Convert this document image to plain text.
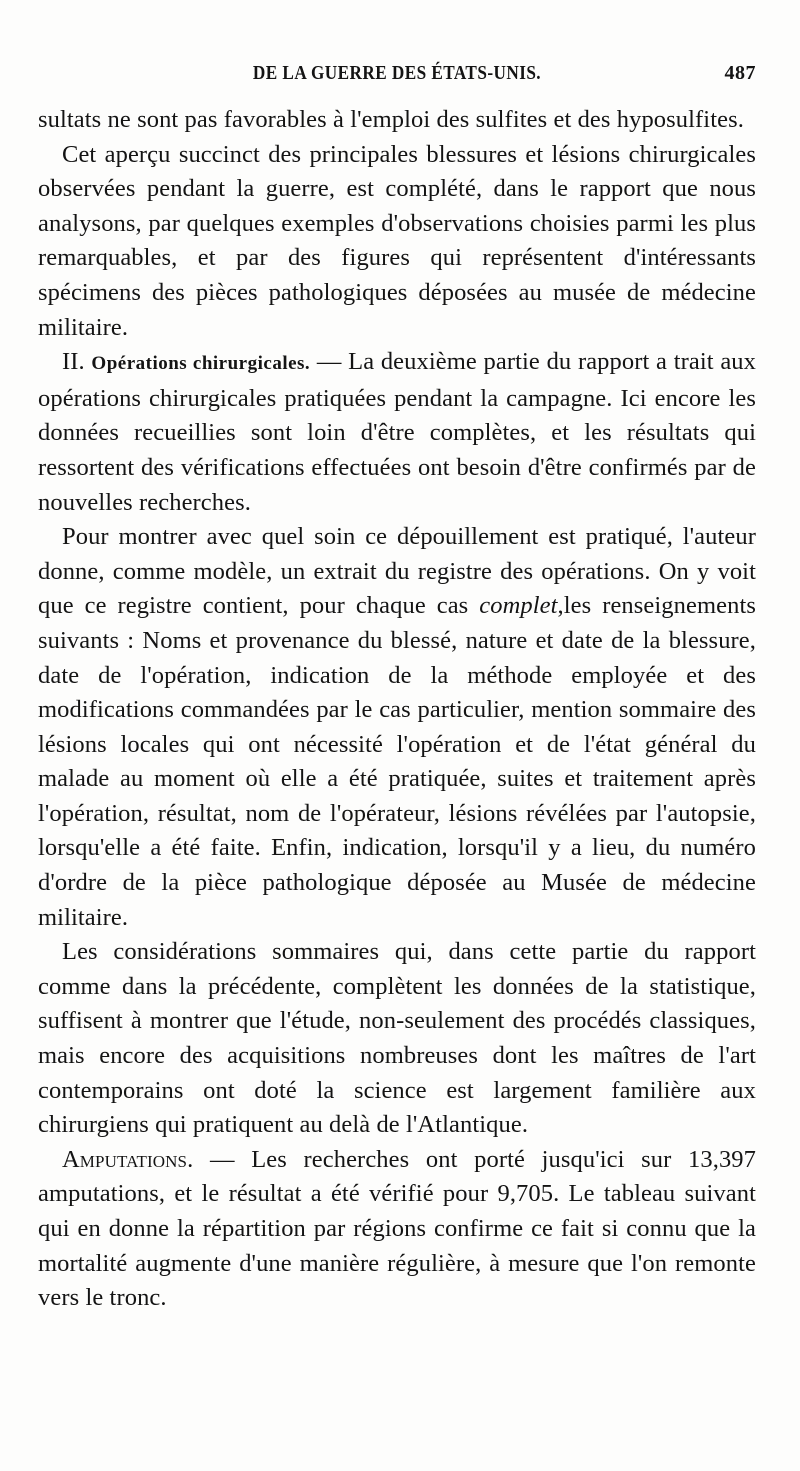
DE LA GUERRE DES ÉTATS-UNIS.	487

sultats ne sont pas favorables à l'emploi des sulfites et des hyposulfites.

Cet aperçu succinct des principales blessures et lésions chirurgicales observées pendant la guerre, est complété, dans le rapport que nous analysons, par quelques exemples d'observations choisies parmi les plus remarquables, et par des figures qui représentent d'intéressants spécimens des pièces pathologiques déposées au musée de médecine militaire.

II. Opérations chirurgicales. — La deuxième partie du rapport a trait aux opérations chirurgicales pratiquées pendant la campagne. Ici encore les données recueillies sont loin d'être complètes, et les résultats qui ressortent des vérifications effectuées ont besoin d'être confirmés par de nouvelles recherches.

Pour montrer avec quel soin ce dépouillement est pratiqué, l'auteur donne, comme modèle, un extrait du registre des opérations. On y voit que ce registre contient, pour chaque cas complet,les renseignements suivants : Noms et provenance du blessé, nature et date de la blessure, date de l'opération, indication de la méthode employée et des modifications commandées par le cas particulier, mention sommaire des lésions locales qui ont nécessité l'opération et de l'état général du malade au moment où elle a été pratiquée, suites et traitement après l'opération, résultat, nom de l'opérateur, lésions révélées par l'autopsie, lorsqu'elle a été faite. Enfin, indication, lorsqu'il y a lieu, du numéro d'ordre de la pièce pathologique déposée au Musée de médecine militaire.

Les considérations sommaires qui, dans cette partie du rapport comme dans la précédente, complètent les données de la statistique, suffisent à montrer que l'étude, non-seulement des procédés classiques, mais encore des acquisitions nombreuses dont les maîtres de l'art contemporains ont doté la science est largement familière aux chirurgiens qui pratiquent au delà de l'Atlantique.

Amputations. — Les recherches ont porté jusqu'ici sur 13,397 amputations, et le résultat a été vérifié pour 9,705. Le tableau suivant qui en donne la répartition par régions confirme ce fait si connu que la mortalité augmente d'une manière régulière, à mesure que l'on remonte vers le tronc.
